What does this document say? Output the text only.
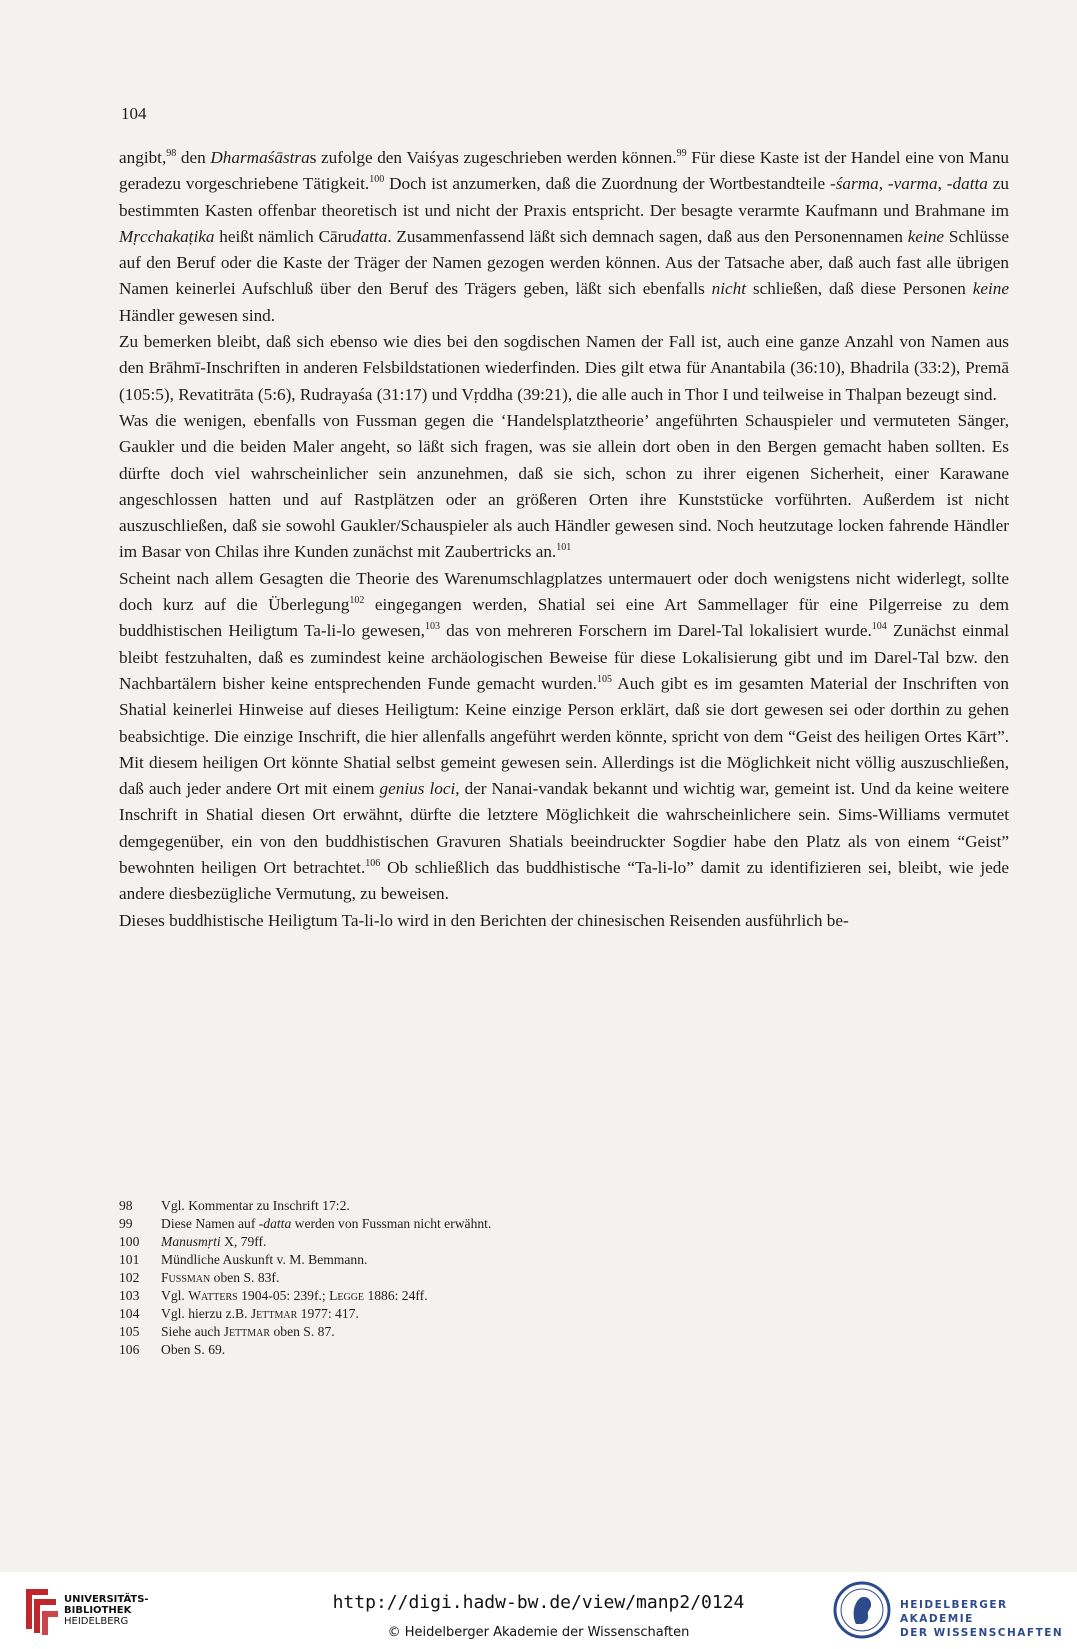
104

angibt,$^{98}$ den Dharmaśāstras zufolge den Vaiśyas zugeschrieben werden können.$^{99}$ Für diese Kaste ist der Handel eine von Manu geradezu vorgeschriebene Tätigkeit.$^{100}$ Doch ist anzumerken, daß die Zuordnung der Wortbestandteile -śarma, -varma, -datta zu bestimmten Kasten offenbar theoretisch ist und nicht der Praxis entspricht. Der besagte verarmte Kaufmann und Brahmane im Mṛcchakaṭika heißt nämlich Cārudatta. Zusammenfassend läßt sich demnach sagen, daß aus den Personennamen keine Schlüsse auf den Beruf oder die Kaste der Träger der Namen gezogen werden können. Aus der Tatsache aber, daß auch fast alle übrigen Namen keinerlei Aufschluß über den Beruf des Trägers geben, läßt sich ebenfalls nicht schließen, daß diese Personen keine Händler gewesen sind.

Zu bemerken bleibt, daß sich ebenso wie dies bei den sogdischen Namen der Fall ist, auch eine ganze Anzahl von Namen aus den Brāhmī-Inschriften in anderen Felsbildstationen wiederfinden. Dies gilt etwa für Anantabila (36:10), Bhadrila (33:2), Premā (105:5), Revatitrāta (5:6), Rudrayaśa (31:17) und Vṛddha (39:21), die alle auch in Thor I und teilweise in Thalpan bezeugt sind.

Was die wenigen, ebenfalls von Fussman gegen die ‘Handelsplatztheorie’ angeführten Schauspieler und vermuteten Sänger, Gaukler und die beiden Maler angeht, so läßt sich fragen, was sie allein dort oben in den Bergen gemacht haben sollten. Es dürfte doch viel wahrscheinlicher sein anzunehmen, daß sie sich, schon zu ihrer eigenen Sicherheit, einer Karawane angeschlossen hatten und auf Rastplätzen oder an größeren Orten ihre Kunststücke vorführten. Außerdem ist nicht auszuschließen, daß sie sowohl Gaukler/Schauspieler als auch Händler gewesen sind. Noch heutzutage locken fahrende Händler im Basar von Chilas ihre Kunden zunächst mit Zaubertricks an.$^{101}$

Scheint nach allem Gesagten die Theorie des Warenumschlagplatzes untermauert oder doch wenigstens nicht widerlegt, sollte doch kurz auf die Überlegung$^{102}$ eingegangen werden, Shatial sei eine Art Sammellager für eine Pilgerreise zu dem buddhistischen Heiligtum Ta-li-lo gewesen,$^{103}$ das von mehreren Forschern im Darel-Tal lokalisiert wurde.$^{104}$ Zunächst einmal bleibt festzuhalten, daß es zumindest keine archäologischen Beweise für diese Lokalisierung gibt und im Darel-Tal bzw. den Nachbartälern bisher keine entsprechenden Funde gemacht wurden.$^{105}$ Auch gibt es im gesamten Material der Inschriften von Shatial keinerlei Hinweise auf dieses Heiligtum: Keine einzige Person erklärt, daß sie dort gewesen sei oder dorthin zu gehen beabsichtige. Die einzige Inschrift, die hier allenfalls angeführt werden könnte, spricht von dem “Geist des heiligen Ortes Kārt”. Mit diesem heiligen Ort könnte Shatial selbst gemeint gewesen sein. Allerdings ist die Möglichkeit nicht völlig auszuschließen, daß auch jeder andere Ort mit einem genius loci, der Nanai-vandak bekannt und wichtig war, gemeint ist. Und da keine weitere Inschrift in Shatial diesen Ort erwähnt, dürfte die letztere Möglichkeit die wahrscheinlichere sein. Sims-Williams vermutet demgegenüber, ein von den buddhistischen Gravuren Shatials beeindruckter Sogdier habe den Platz als von einem “Geist” bewohnten heiligen Ort betrachtet.$^{106}$ Ob schließlich das buddhistische “Ta-li-lo” damit zu identifizieren sei, bleibt, wie jede andere diesbezügliche Vermutung, zu beweisen.

Dieses buddhistische Heiligtum Ta-li-lo wird in den Berichten der chinesischen Reisenden ausführlich be-

98	Vgl. Kommentar zu Inschrift 17:2.
99	Diese Namen auf -datta werden von Fussman nicht erwähnt.
100	Manusmṛti X, 79ff.
101	Mündliche Auskunft v. M. Bemmann.
102	Fussman oben S. 83f.
103	Vgl. Watters 1904-05: 239f.; Legge 1886: 24ff.
104	Vgl. hierzu z.B. Jettmar 1977: 417.
105	Siehe auch Jettmar oben S. 87.
106	Oben S. 69.
UNIVERSITÄTS-
BIBLIOTHEK
HEIDELBERG
http://digi.hadw-bw.de/view/manp2/0124
© Heidelberger Akademie der Wissenschaften
HEIDELBERGER AKADEMIE
DER WISSENSCHAFTEN
